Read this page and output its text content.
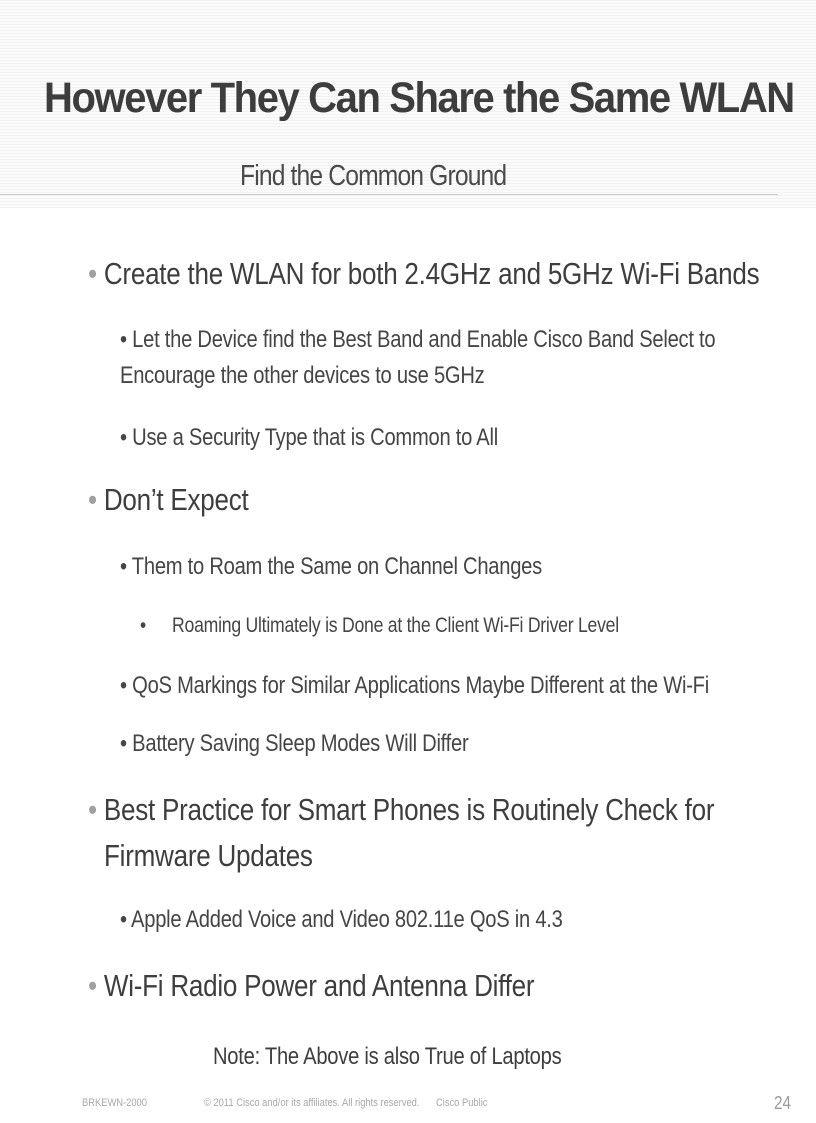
However They Can Share the Same WLAN
Find the Common Ground
• Create the WLAN for both 2.4GHz and 5GHz Wi-Fi Bands
• Let the Device find the Best Band and Enable Cisco Band Select to
Encourage the other devices to use 5GHz
• Use a Security Type that is Common to All
• Don’t Expect
• Them to Roam the Same on Channel Changes
• Roaming Ultimately is Done at the Client Wi-Fi Driver Level
• QoS Markings for Similar Applications Maybe Different at the Wi-Fi
• Battery Saving Sleep Modes Will Differ
• Best Practice for Smart Phones is Routinely Check for
Firmware Updates
• Apple Added Voice and Video 802.11e QoS in 4.3
• Wi-Fi Radio Power and Antenna Differ
Note: The Above is also True of Laptops
BRKEWN-2000	© 2011 Cisco and/or its affiliates. All rights reserved. Cisco Public	24
